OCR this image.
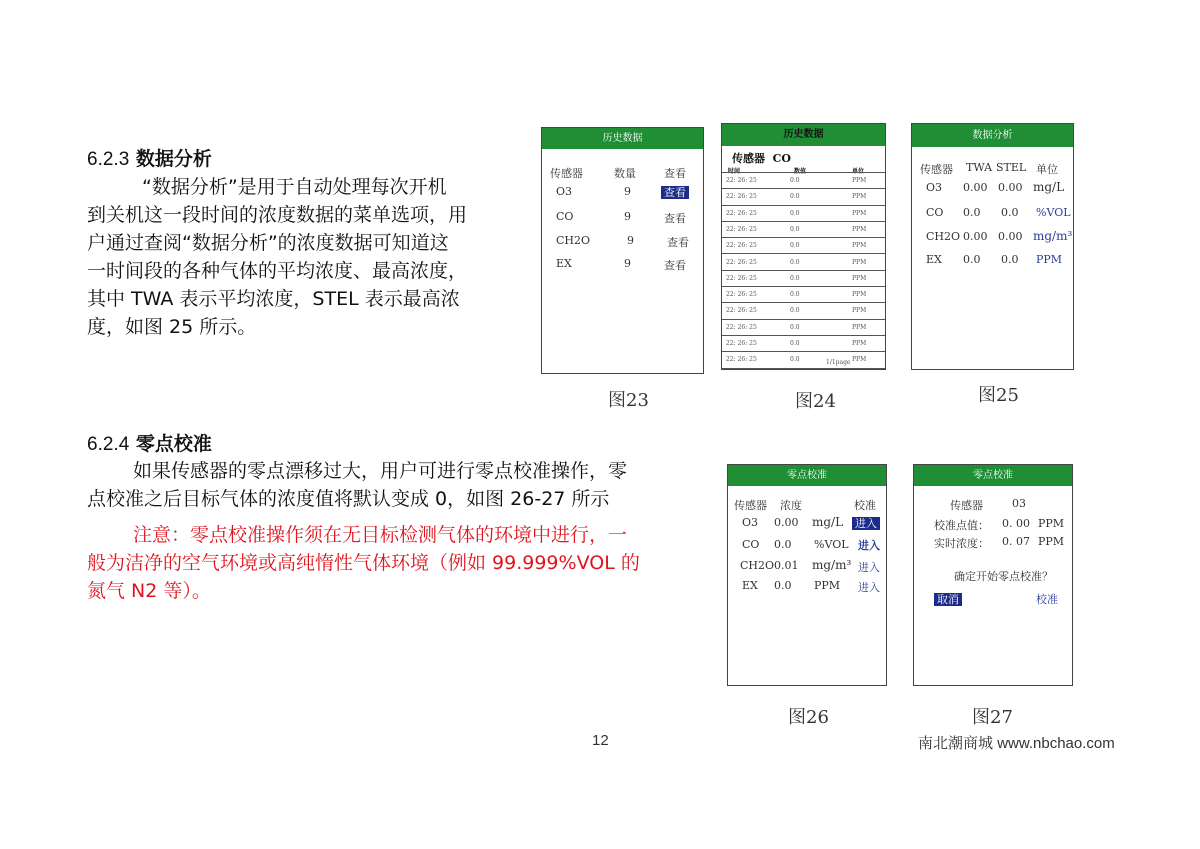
6.2.3 数据分析
“数据分析”是用于自动处理每次开机
到关机这一段时间的浓度数据的菜单选项，用
户通过查阅“数据分析”的浓度数据可知道这
一时间段的各种气体的平均浓度、最高浓度，
其中 TWA 表示平均浓度，STEL 表示最高浓
度，如图 25 所示。
6.2.4 零点校准
如果传感器的零点漂移过大，用户可进行零点校准操作，零
点校准之后目标气体的浓度值将默认变成 0，如图 26-27 所示
注意：零点校准操作须在无目标检测气体的环境中进行，一
般为洁净的空气环境或高纯惰性气体环境（例如 99.999%VOL 的
氮气 N2 等）。
历史数据
传感器	数量	查看
O3	9	查看
CO	9	查看
CH2O	9	查看
EX	9	查看
图23
历史数据
传感器 CO
时间	数值	单位
22: 26: 25	0.0	PPM
22: 26: 25	0.0	PPM
22: 26: 25	0.0	PPM
22: 26: 25	0.0	PPM
22: 26: 25	0.0	PPM
22: 26: 25	0.0	PPM
22: 26: 25	0.0	PPM
22: 26: 25	0.0	PPM
22: 26: 25	0.0	PPM
22: 26: 25	0.0	PPM
22: 26: 25	0.0	PPM
22: 26: 25	0.0	PPM
1/1page
图24
数据分析
传感器 TWA STEL 单位
O3 0.00 0.00 mg/L
CO 0.0 0.0 %VOL
CH2O 0.00 0.00 mg/m³
EX 0.0 0.0 PPM
图25
零点校准
传感器 浓度	校准
O3 0.00 mg/L 进入
CO 0.0 %VOL 进入
CH2O 0.01 mg/m³ 进入
EX 0.0 PPM 进入
图26
零点校准
传感器	03
校准点值： 0. 00 PPM
实时浓度： 0. 07 PPM
确定开始零点校准？
取消	校准
图27
12	南北潮商城 www.nbchao.com
